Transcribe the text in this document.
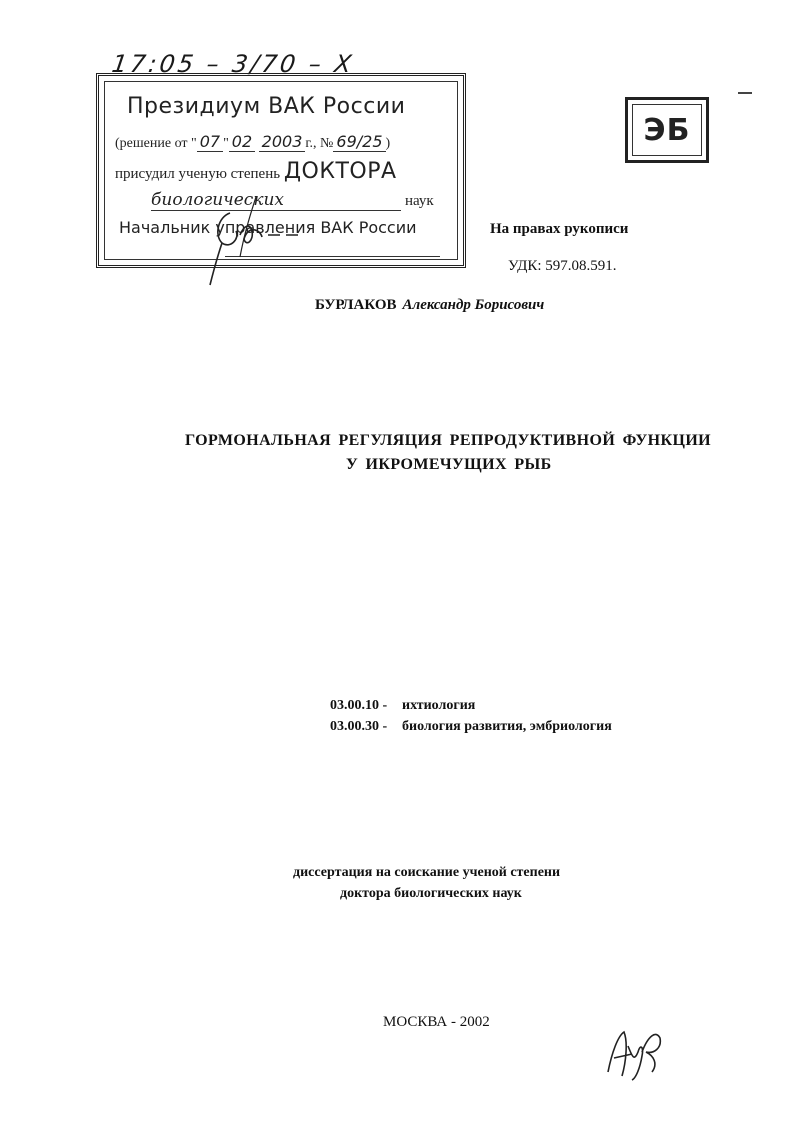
17:05 – 3/70 – Х
Президиум ВАК России
(решение от " 07 " 02 2003 г., № 69/25 )
присудил ученую степень ДОКТОРА
биологических	наук
Начальник управления ВАК России
ЭБ
На правах рукописи
УДК: 597.08.591.
БУРЛАКОВ Александр Борисович
ГОРМОНАЛЬНАЯ РЕГУЛЯЦИЯ РЕПРОДУКТИВНОЙ ФУНКЦИИ
У ИКРОМЕЧУЩИХ РЫБ
03.00.10 - ихтиология
03.00.30 - биология развития, эмбриология
диссертация на соискание ученой степени
доктора биологических наук
МОСКВА - 2002
